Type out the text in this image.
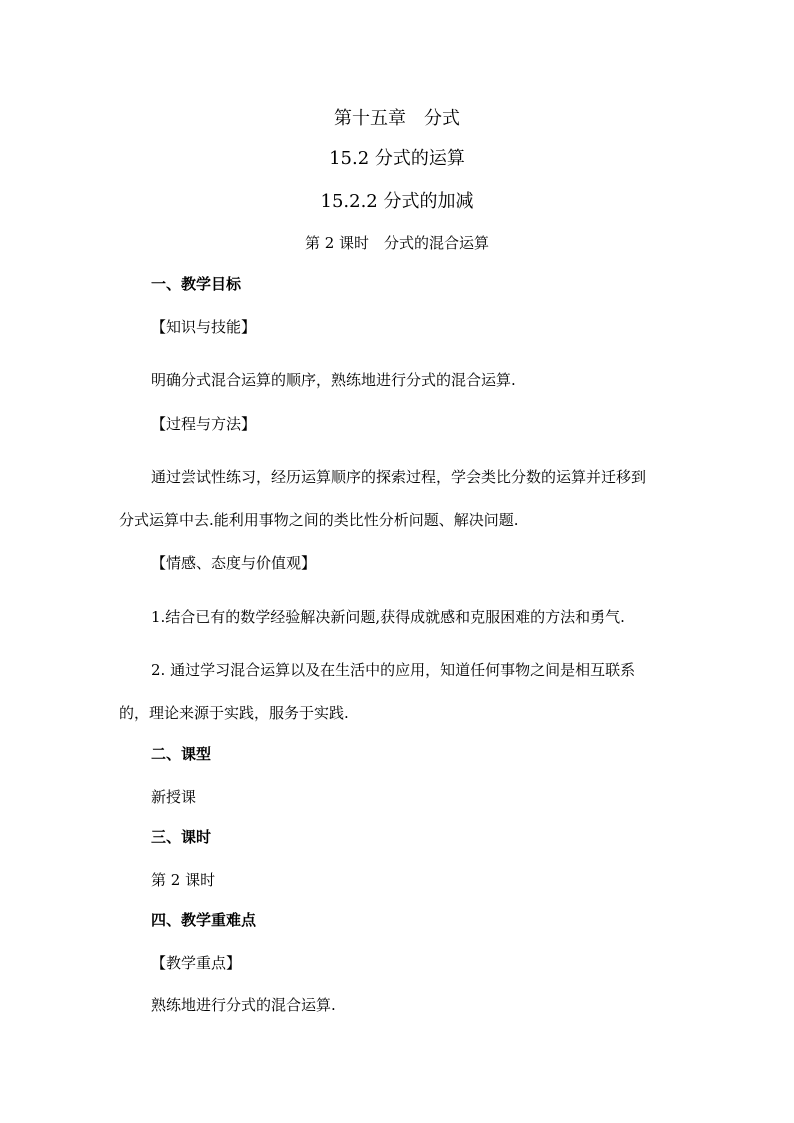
第十五章　分式
15.2 分式的运算
15.2.2 分式的加减
第 2 课时　分式的混合运算
一、教学目标
【知识与技能】
明确分式混合运算的顺序，熟练地进行分式的混合运算.
【过程与方法】
通过尝试性练习，经历运算顺序的探索过程，学会类比分数的运算并迁移到
分式运算中去.能利用事物之间的类比性分析问题、解决问题.
【情感、态度与价值观】
1.结合已有的数学经验解决新问题,获得成就感和克服困难的方法和勇气.
2. 通过学习混合运算以及在生活中的应用，知道任何事物之间是相互联系
的，理论来源于实践，服务于实践.
二、课型
新授课
三、课时
第 2 课时
四、教学重难点
【教学重点】
熟练地进行分式的混合运算.
